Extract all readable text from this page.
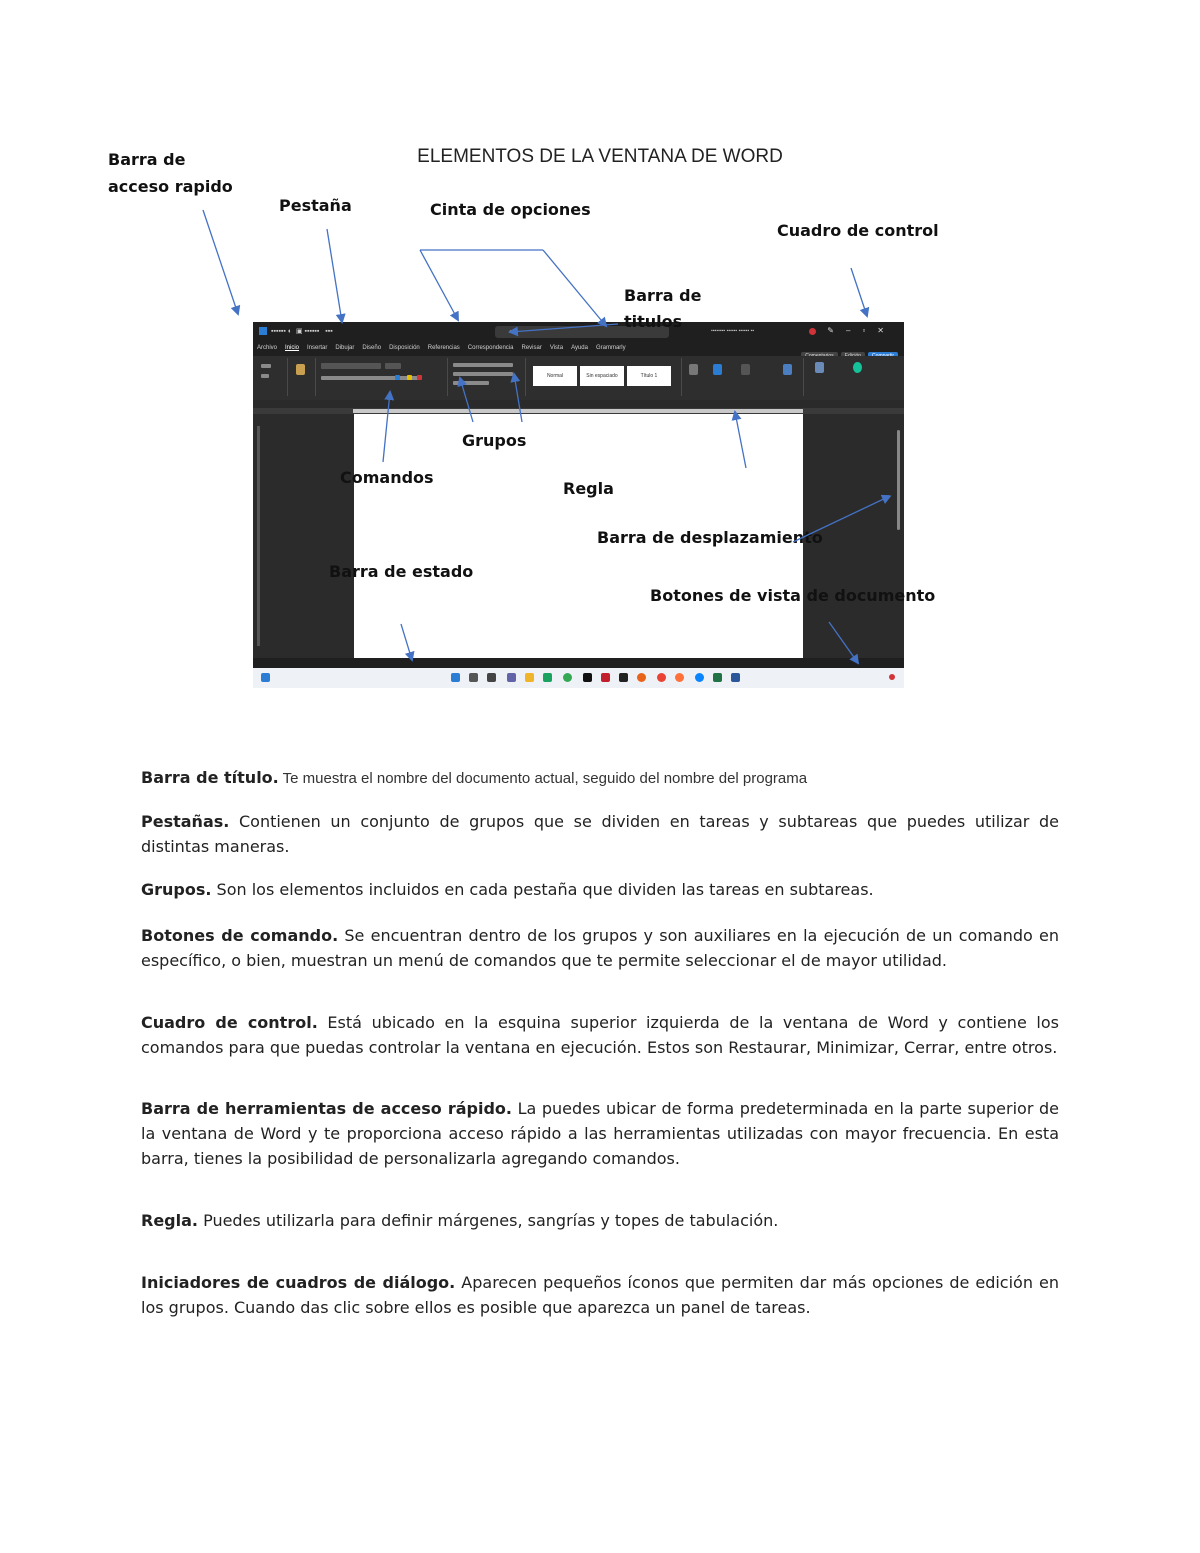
ELEMENTOS DE LA VENTANA DE WORD
Barra de
acceso rapido
Pestaña	Cinta de opciones
Cuadro de control
▪▪▪▪▪▪ ◐  ▣ ▪▪▪▪▪▪   ▪▪▪	⌕	▪▪▪▪▪▪▪▪ ▪▪▪▪▪▪ ▪▪▪▪▪▪ ▪▪	✎–▫✕
Archivo Inicio Insertar Dibujar Diseño Disposición Referencias Correspondencia Revisar Vista Ayuda Grammarly
Normal	Sin espaciado	Título 1
Barra de
titulos
Grupos
Comandos
Regla
Barra de desplazamiento
Barra de estado
Botones de vista de documento
Barra de título. Te muestra el nombre del documento actual, seguido del nombre del programa
Pestañas. Contienen un conjunto de grupos que se dividen en tareas y subtareas que puedes utilizar de distintas maneras.
Grupos. Son los elementos incluidos en cada pestaña que dividen las tareas en subtareas.
Botones de comando. Se encuentran dentro de los grupos y son auxiliares en la ejecución de un comando en específico, o bien, muestran un menú de comandos que te permite seleccionar el de mayor utilidad.
Cuadro de control. Está ubicado en la esquina superior izquierda de la ventana de Word y contiene los comandos para que puedas controlar la ventana en ejecución. Estos son Restaurar, Minimizar, Cerrar, entre otros.
Barra de herramientas de acceso rápido. La puedes ubicar de forma predeterminada en la parte superior de la ventana de Word y te proporciona acceso rápido a las herramientas utilizadas con mayor frecuencia. En esta barra, tienes la posibilidad de personalizarla agregando comandos.
Regla. Puedes utilizarla para definir márgenes, sangrías y topes de tabulación.
Iniciadores de cuadros de diálogo. Aparecen pequeños íconos que permiten dar más opciones de edición en los grupos. Cuando das clic sobre ellos es posible que aparezca un panel de tareas.
